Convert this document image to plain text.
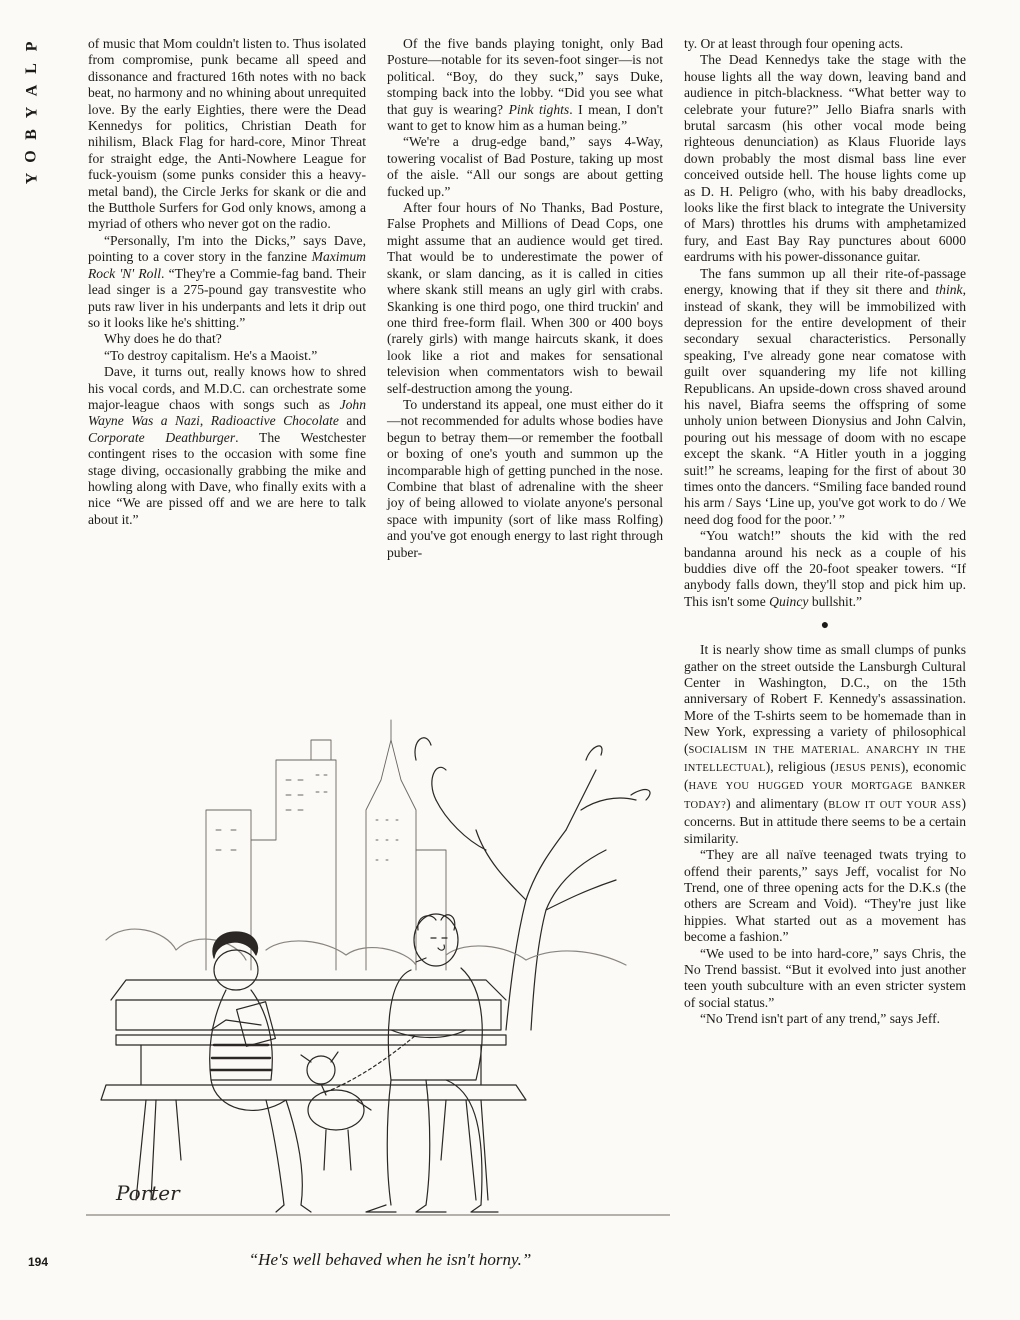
P
L
A
Y
B
O
Y

of music that Mom couldn't listen to. Thus isolated from compromise, punk became all speed and dissonance and fractured 16th notes with no back beat, no harmony and no whining about unrequited love. By the early Eighties, there were the Dead Kennedys for politics, Christian Death for nihilism, Black Flag for hard-core, Minor Threat for straight edge, the Anti-Nowhere League for fuck-youism (some punks consider this a heavy-metal band), the Circle Jerks for skank or die and the Butthole Surfers for God only knows, among a myriad of others who never got on the radio.

“Personally, I'm into the Dicks,” says Dave, pointing to a cover story in the fanzine Maximum Rock 'N' Roll. “They're a Commie-fag band. Their lead singer is a 275-pound gay transvestite who puts raw liver in his underpants and lets it drip out so it looks like he's shitting.”

Why does he do that?

“To destroy capitalism. He's a Maoist.”

Dave, it turns out, really knows how to shred his vocal cords, and M.D.C. can orchestrate some major-league chaos with songs such as John Wayne Was a Nazi, Radioactive Chocolate and Corporate Deathburger. The Westchester contingent rises to the occasion with some fine stage diving, occasionally grabbing the mike and howling along with Dave, who finally exits with a nice “We are pissed off and we are here to talk about it.”

Of the five bands playing tonight, only Bad Posture—notable for its seven-foot singer—is not political. “Boy, do they suck,” says Duke, stomping back into the lobby. “Did you see what that guy is wearing? Pink tights. I mean, I don't want to get to know him as a human being.”

“We're a drug-edge band,” says 4-Way, towering vocalist of Bad Posture, taking up most of the aisle. “All our songs are about getting fucked up.”

After four hours of No Thanks, Bad Posture, False Prophets and Millions of Dead Cops, one might assume that an audience would get tired. That would be to underestimate the power of skank, or slam dancing, as it is called in cities where skank still means an ugly girl with crabs. Skanking is one third pogo, one third truckin' and one third free-form flail. When 300 or 400 boys (rarely girls) with mange haircuts skank, it does look like a riot and makes for sensational television when commentators wish to bewail self-destruction among the young.

To understand its appeal, one must either do it—not recommended for adults whose bodies have begun to betray them—or remember the football or boxing of one's youth and summon up the incomparable high of getting punched in the nose. Combine that blast of adrenaline with the sheer joy of being allowed to violate anyone's personal space with impunity (sort of like mass Rolfing) and you've got enough energy to last right through puber-

ty. Or at least through four opening acts.

The Dead Kennedys take the stage with the house lights all the way down, leaving band and audience in pitch-blackness. “What better way to celebrate your future?” Jello Biafra snarls with brutal sarcasm (his other vocal mode being righteous denunciation) as Klaus Fluoride lays down probably the most dismal bass line ever conceived outside hell. The house lights come up as D. H. Peligro (who, with his baby dreadlocks, looks like the first black to integrate the University of Mars) throttles his drums with amphetamized fury, and East Bay Ray punctures about 6000 eardrums with his power-dissonance guitar.

The fans summon up all their rite-of-passage energy, knowing that if they sit there and think, instead of skank, they will be immobilized with depression for the entire development of their secondary sexual characteristics. Personally speaking, I've already gone near comatose with guilt over squandering my life not killing Republicans. An upside-down cross shaved around his navel, Biafra seems the offspring of some unholy union between Dionysius and John Calvin, pouring out his message of doom with no escape except the skank. “A Hitler youth in a jogging suit!” he screams, leaping for the first of about 30 times onto the dancers. “Smiling face banded round his arm / Says ‘Line up, you've got work to do / We need dog food for the poor.’ ”

“You watch!” shouts the kid with the red bandanna around his neck as a couple of his buddies dive off the 20-foot speaker towers. “If anybody falls down, they'll stop and pick him up. This isn't some Quincy bullshit.”

●

It is nearly show time as small clumps of punks gather on the street outside the Lansburgh Cultural Center in Washington, D.C., on the 15th anniversary of Robert F. Kennedy's assassination. More of the T-shirts seem to be homemade than in New York, expressing a variety of philosophical (SOCIALISM IN THE MATERIAL. ANARCHY IN THE INTELLECTUAL), religious (JESUS PENIS), economic (HAVE YOU HUGGED YOUR MORTGAGE BANKER TODAY?) and alimentary (BLOW IT OUT YOUR ASS) concerns. But in attitude there seems to be a certain similarity.

“They are all naïve teenaged twats trying to offend their parents,” says Jeff, vocalist for No Trend, one of three opening acts for the D.K.s (the others are Scream and Void). “They're just like hippies. What started out as a movement has become a fashion.”

“We used to be into hard-core,” says Chris, the No Trend bassist. “But it evolved into just another teen youth subculture with an even stricter system of social status.”

“No Trend isn't part of any trend,” says Jeff.

Porter
“He's well behaved when he isn't horny.”
194
